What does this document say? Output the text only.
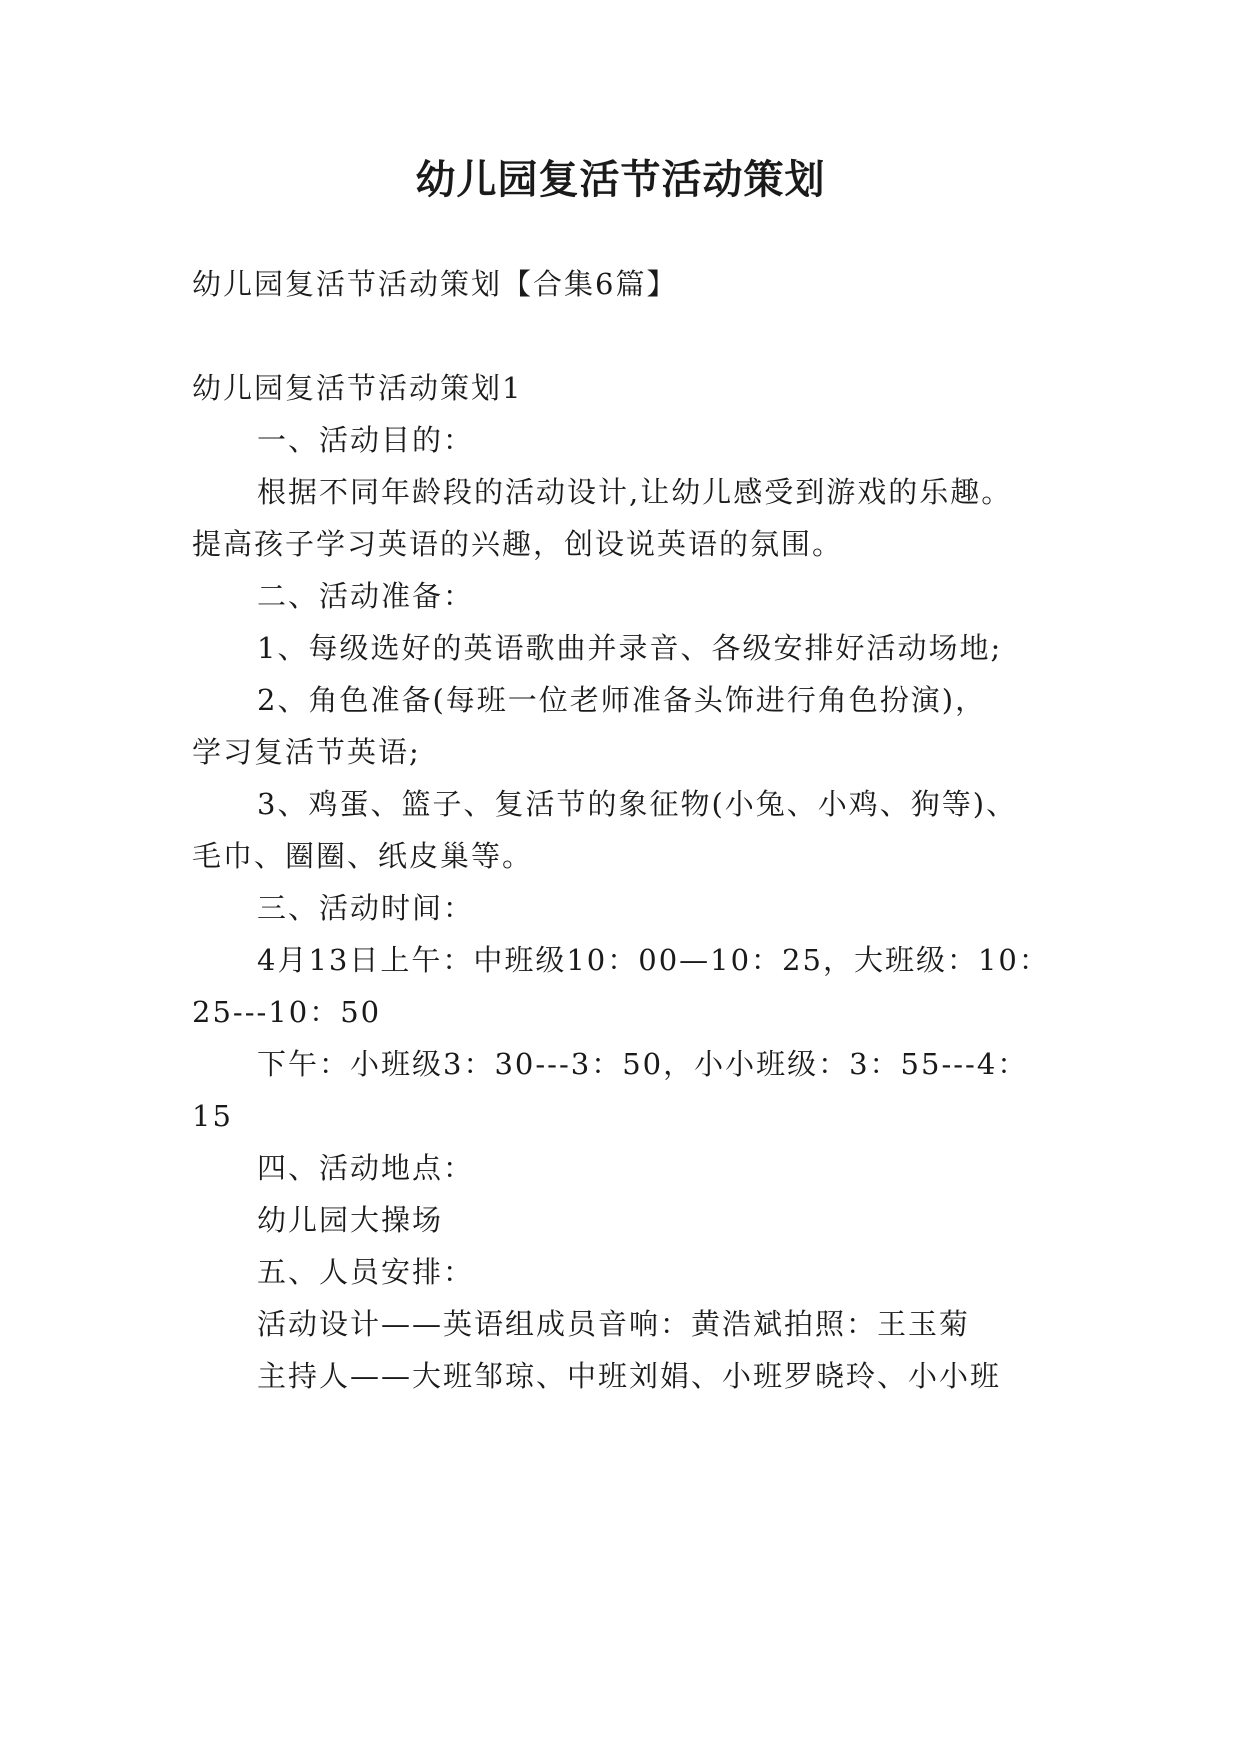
幼儿园复活节活动策划
幼儿园复活节活动策划【合集6篇】
幼儿园复活节活动策划1
一、活动目的：
根据不同年龄段的活动设计,让幼儿感受到游戏的乐趣。
提高孩子学习英语的兴趣，创设说英语的氛围。
二、活动准备：
1、每级选好的英语歌曲并录音、各级安排好活动场地;
2、角色准备(每班一位老师准备头饰进行角色扮演)，
学习复活节英语;
3、鸡蛋、篮子、复活节的象征物(小兔、小鸡、狗等)、
毛巾、圈圈、纸皮巢等。
三、活动时间：
4月13日上午：中班级10：00—10：25，大班级：10：
25---10：50
下午：小班级3：30---3：50，小小班级：3：55---4：
15
四、活动地点：
幼儿园大操场
五、人员安排：
活动设计——英语组成员音响：黄浩斌拍照：王玉菊
主持人——大班邹琼、中班刘娟、小班罗晓玲、小小班
